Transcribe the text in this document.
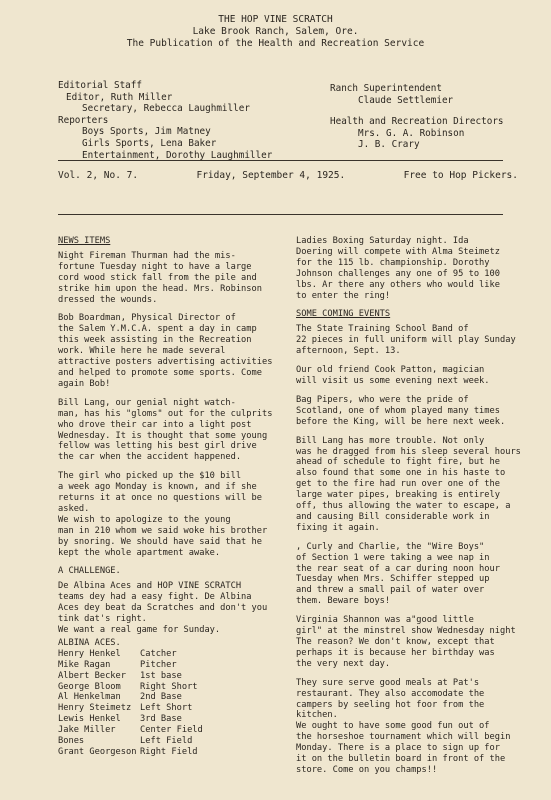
THE HOP VINE SCRATCH
Lake Brook Ranch, Salem, Ore.
The Publication of the Health and Recreation Service
Editorial Staff
Editor, Ruth Miller
Secretary, Rebecca Laughmiller
Reporters
Boys Sports, Jim Matney
Girls Sports, Lena Baker
Entertainment, Dorothy Laughmiller
Ranch Superintendent
Claude Settlemier
Health and Recreation Directors
Mrs. G. A. Robinson
J. B. Crary
Vol. 2, No. 7.	Friday, September 4, 1925.	Free to Hop Pickers.

NEWS ITEMS

Night Fireman Thurman had the mis-
fortune Tuesday night to have a large
cord wood stick fall from the pile and
strike him upon the head. Mrs. Robinson
dressed the wounds.

Bob Boardman, Physical Director of
the Salem Y.M.C.A. spent a day in camp
this week assisting in the Recreation
work. While here he made several
attractive posters advertising activities
and helped to promote some sports. Come
again Bob!

Bill Lang, our genial night watch-
man, has his "gloms" out for the culprits
who drove their car into a light post
Wednesday. It is thought that some young
fellow was letting his best girl drive
the car when the accident happened.

The girl who picked up the $10 bill
a week ago Monday is known, and if she
returns it at once no questions will be
asked.
We wish to apologize to the young
man in 210 whom we said woke his brother
by snoring. We should have said that he
kept the whole apartment awake.

A CHALLENGE.

De Albina Aces and HOP VINE SCRATCH
teams dey had a easy fight. De Albina
Aces dey beat da Scratches and don't you
tink dat's right.
We want a real game for Sunday.

ALBINA ACES.

Henry Henkel	Catcher
Mike Ragan	Pitcher
Albert Becker	1st base
George Bloom	Right Short
Al Henkelman	2nd Base
Henry Steimetz	Left Short
Lewis Henkel	3rd Base
Jake Miller	Center Field
Bones	Left Field
Grant Georgeson Right Field

Ladies Boxing Saturday night. Ida
Doering will compete with Alma Steimetz
for the 115 lb. championship. Dorothy
Johnson challenges any one of 95 to 100
lbs. Ar there any others who would like
to enter the ring!

SOME COMING EVENTS

The State Training School Band of
22 pieces in full uniform will play Sunday
afternoon, Sept. 13.

Our old friend Cook Patton, magician
will visit us some evening next week.

Bag Pipers, who were the pride of
Scotland, one of whom played many times
before the King, will be here next week.

Bill Lang has more trouble. Not only
was he dragged from his sleep several hours
ahead of schedule to fight fire, but he
also found that some one in his haste to
get to the fire had run over one of the
large water pipes, breaking is entirely
off, thus allowing the water to escape, a
and causing Bill considerable work in
fixing it again.

, Curly and Charlie, the "Wire Boys"
of Section 1 were taking a wee nap in
the rear seat of a car during noon hour
Tuesday when Mrs. Schiffer stepped up
and threw a small pail of water over
them. Beware boys!

Virginia Shannon was a"good little
girl" at the minstrel show Wednesday night
The reason? We don't know, except that
perhaps it is because her birthday was
the very next day.

They sure serve good meals at Pat's
restaurant. They also accomodate the
campers by seeling hot foor from the
kitchen.
We ought to have some good fun out of
the horseshoe tournament which will begin
Monday. There is a place to sign up for
it on the bulletin board in front of the
store. Come on you champs!!
